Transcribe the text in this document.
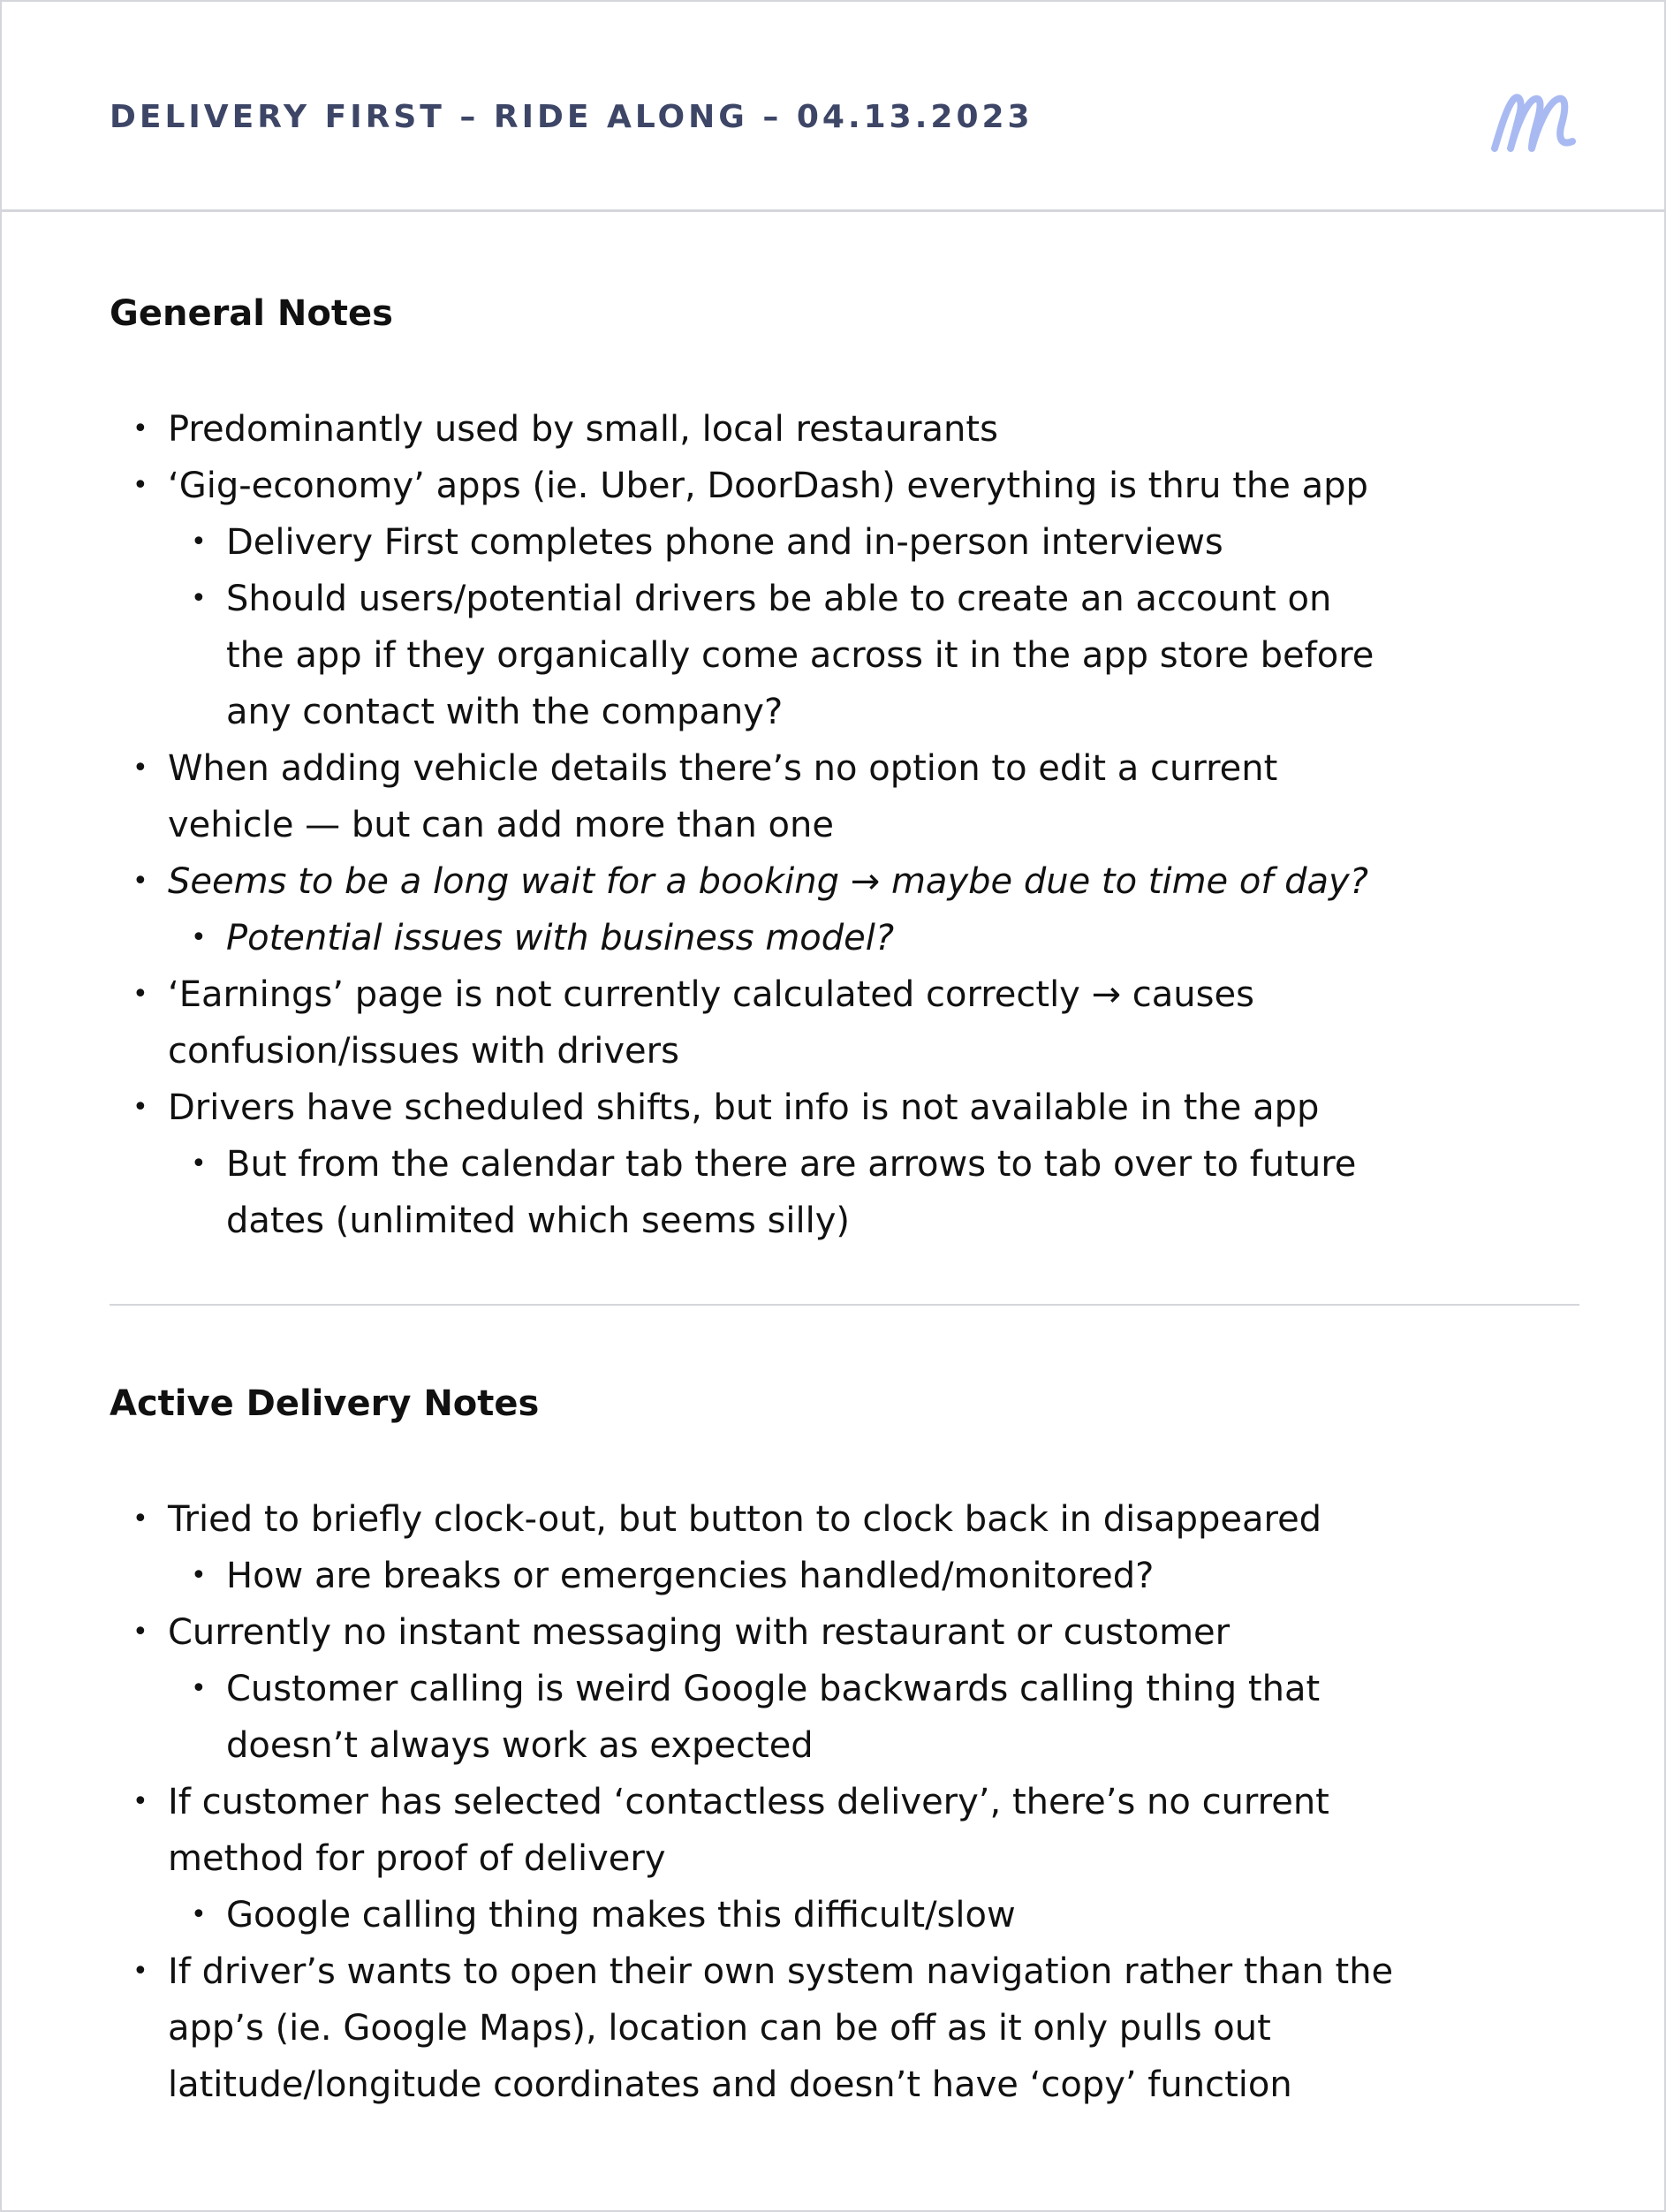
DELIVERY FIRST – RIDE ALONG – 04.13.2023
General Notes
• Predominantly used by small, local restaurants
• ‘Gig-economy’ apps (ie. Uber, DoorDash) everything is thru the app
• Delivery First completes phone and in-person interviews
• Should users/potential drivers be able to create an account on
the app if they organically come across it in the app store before
any contact with the company?
• When adding vehicle details there’s no option to edit a current
vehicle — but can add more than one
• Seems to be a long wait for a booking → maybe due to time of day?
• Potential issues with business model?
• ‘Earnings’ page is not currently calculated correctly → causes
confusion/issues with drivers
• Drivers have scheduled shifts, but info is not available in the app
• But from the calendar tab there are arrows to tab over to future
dates (unlimited which seems silly)
Active Delivery Notes
• Tried to briefly clock-out, but button to clock back in disappeared
• How are breaks or emergencies handled/monitored?
• Currently no instant messaging with restaurant or customer
• Customer calling is weird Google backwards calling thing that
doesn’t always work as expected
• If customer has selected ‘contactless delivery’, there’s no current
method for proof of delivery
• Google calling thing makes this difficult/slow
• If driver’s wants to open their own system navigation rather than the
app’s (ie. Google Maps), location can be off as it only pulls out
latitude/longitude coordinates and doesn’t have ‘copy’ function
